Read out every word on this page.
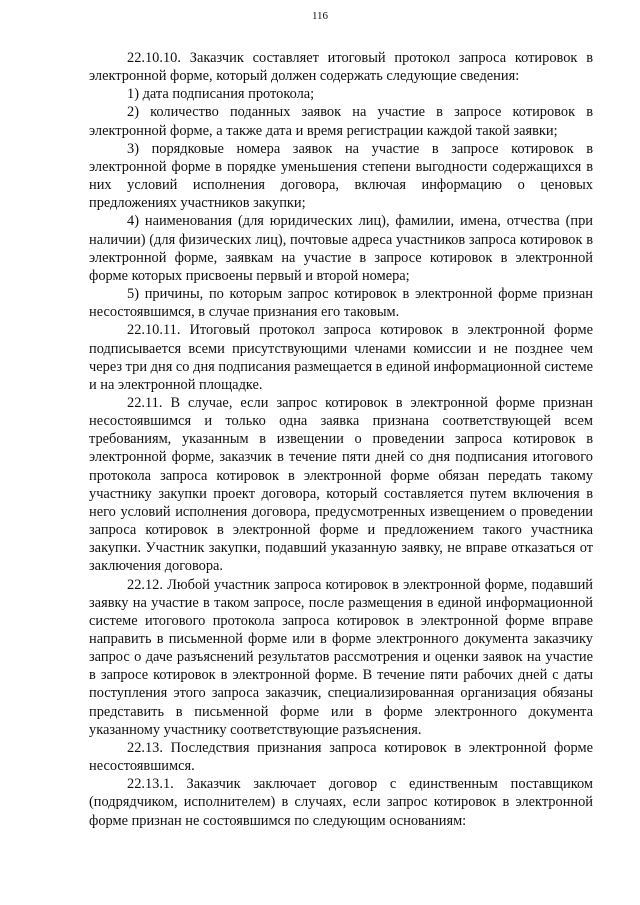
116

22.10.10. Заказчик составляет итоговый протокол запроса котировок в электронной форме, который должен содержать следующие сведения:

1) дата подписания протокола;

2) количество поданных заявок на участие в запросе котировок в электронной форме, а также дата и время регистрации каждой такой заявки;

3) порядковые номера заявок на участие в запросе котировок в электронной форме в порядке уменьшения степени выгодности содержащихся в них условий исполнения договора, включая информацию о ценовых предложениях участников закупки;

4) наименования (для юридических лиц), фамилии, имена, отчества (при наличии) (для физических лиц), почтовые адреса участников запроса котировок в электронной форме, заявкам на участие в запросе котировок в электронной форме которых присвоены первый и второй номера;

5) причины, по которым запрос котировок в электронной форме признан несостоявшимся, в случае признания его таковым.

22.10.11. Итоговый протокол запроса котировок в электронной форме подписывается всеми присутствующими членами комиссии и не позднее чем через три дня со дня подписания размещается в единой информационной системе и на электронной площадке.

22.11. В случае, если запрос котировок в электронной форме признан несостоявшимся и только одна заявка признана соответствующей всем требованиям, указанным в извещении о проведении запроса котировок в электронной форме, заказчик в течение пяти дней со дня подписания итогового протокола запроса котировок в электронной форме обязан передать такому участнику закупки проект договора, который составляется путем включения в него условий исполнения договора, предусмотренных извещением о проведении запроса котировок в электронной форме и предложением такого участника закупки. Участник закупки, подавший указанную заявку, не вправе отказаться от заключения договора.

22.12. Любой участник запроса котировок в электронной форме, подавший заявку на участие в таком запросе, после размещения в единой информационной системе итогового протокола запроса котировок в электронной форме вправе направить в письменной форме или в форме электронного документа заказчику запрос о даче разъяснений результатов рассмотрения и оценки заявок на участие в запросе котировок в электронной форме. В течение пяти рабочих дней с даты поступления этого запроса заказчик, специализированная организация обязаны представить в письменной форме или в форме электронного документа указанному участнику соответствующие разъяснения.

22.13. Последствия признания запроса котировок в электронной форме несостоявшимся.

22.13.1. Заказчик заключает договор с единственным поставщиком (подрядчиком, исполнителем) в случаях, если запрос котировок в электронной форме признан не состоявшимся по следующим основаниям:
